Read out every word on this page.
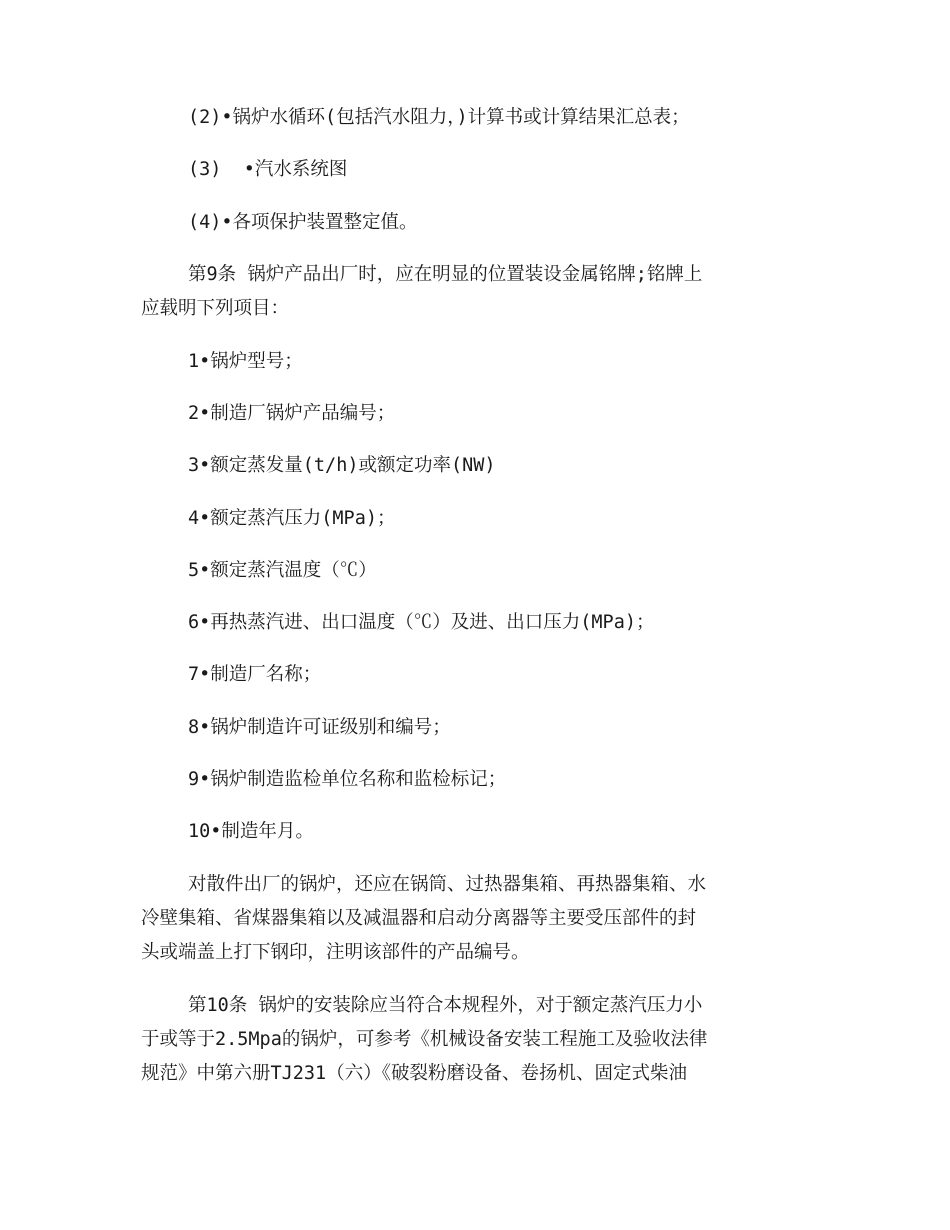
(2)•锅炉水循环(包括汽水阻力，)计算书或计算结果汇总表；

(3)  •汽水系统图

(4)•各项保护装置整定值。

第9条 锅炉产品出厂时，应在明显的位置装设金属铭牌;铭牌上
应载明下列项目：

1•锅炉型号；

2•制造厂锅炉产品编号；

3•额定蒸发量(t/h)或额定功率(NW)

4•额定蒸汽压力(MPa)；

5•额定蒸汽温度（℃）

6•再热蒸汽进、出口温度（℃）及进、出口压力(MPa)；

7•制造厂名称；

8•锅炉制造许可证级别和编号；

9•锅炉制造监检单位名称和监检标记；

10•制造年月。

对散件出厂的锅炉，还应在锅筒、过热器集箱、再热器集箱、水
冷壁集箱、省煤器集箱以及减温器和启动分离器等主要受压部件的封
头或端盖上打下钢印，注明该部件的产品编号。

第10条 锅炉的安装除应当符合本规程外，对于额定蒸汽压力小
于或等于2.5Mpa的锅炉，可参考《机械设备安装工程施工及验收法律
规范》中第六册TJ231（六）《破裂粉磨设备、卷扬机、固定式柴油
